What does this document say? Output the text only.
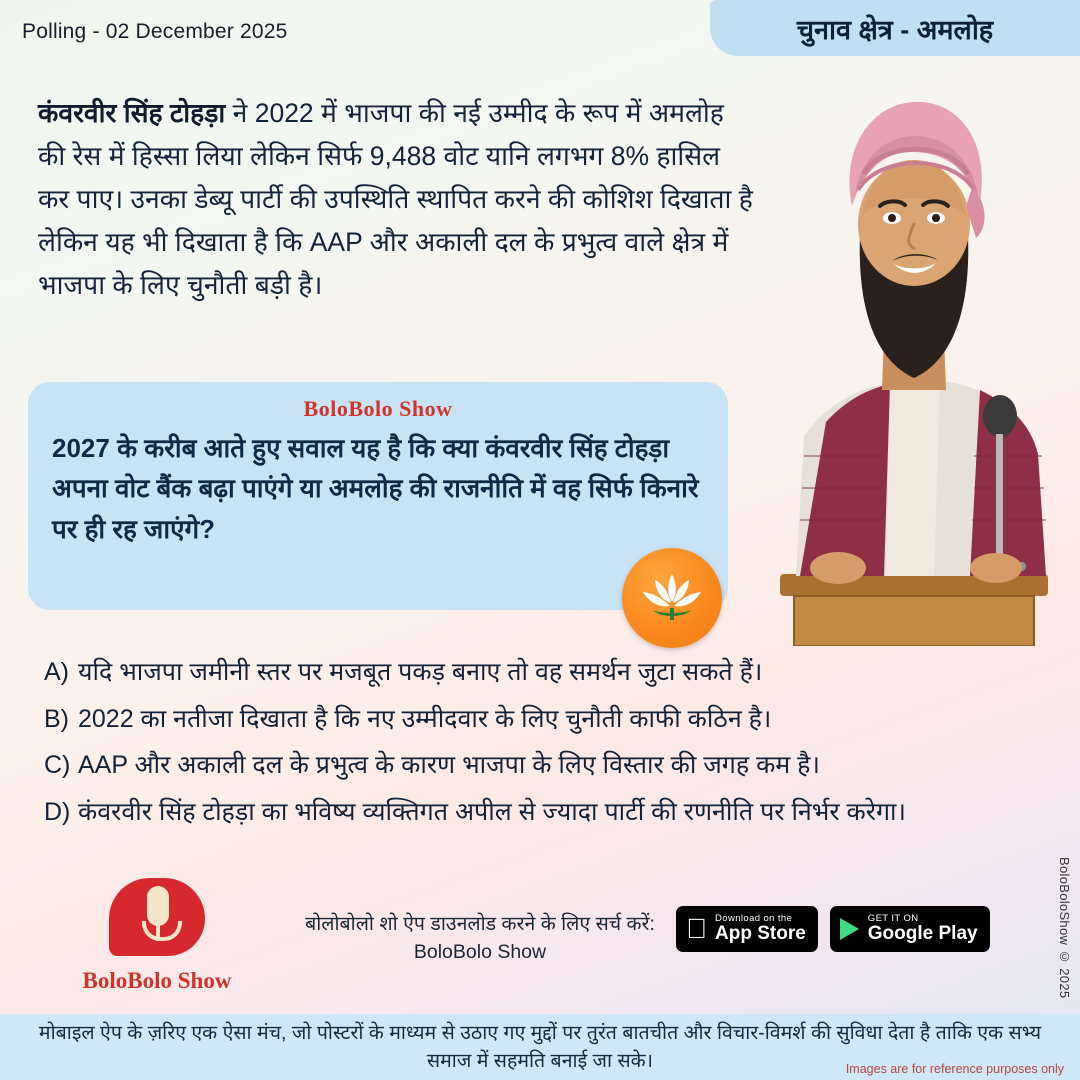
Polling - 02 December 2025	चुनाव क्षेत्र - अमलोह
कंवरवीर सिंह टोहड़ा ने 2022 में भाजपा की नई उम्मीद के रूप में अमलोह की रेस में हिस्सा लिया लेकिन सिर्फ 9,488 वोट यानि लगभग 8% हासिल कर पाए। उनका डेब्यू पार्टी की उपस्थिति स्थापित करने की कोशिश दिखाता है लेकिन यह भी दिखाता है कि AAP और अकाली दल के प्रभुत्व वाले क्षेत्र में भाजपा के लिए चुनौती बड़ी है।
BoloBolo Show
2027 के करीब आते हुए सवाल यह है कि क्या कंवरवीर सिंह टोहड़ा अपना वोट बैंक बढ़ा पाएंगे या अमलोह की राजनीति में वह सिर्फ किनारे पर ही रह जाएंगे?
A) यदि भाजपा जमीनी स्तर पर मजबूत पकड़ बनाए तो वह समर्थन जुटा सकते हैं।
B) 2022 का नतीजा दिखाता है कि नए उम्मीदवार के लिए चुनौती काफी कठिन है।
C) AAP और अकाली दल के प्रभुत्व के कारण भाजपा के लिए विस्तार की जगह कम है।
D) कंवरवीर सिंह टोहड़ा का भविष्य व्यक्तिगत अपील से ज्यादा पार्टी की रणनीति पर निर्भर करेगा।
BoloBolo Show
बोलोबोलो शो ऐप डाउनलोड करने के लिए सर्च करें:
BoloBolo Show
Download on the
App Store
GET IT ON
Google Play	BoloBoloShow © 2025
मोबाइल ऐप के ज़रिए एक ऐसा मंच, जो पोस्टरों के माध्यम से उठाए गए मुद्दों पर तुरंत बातचीत और विचार-विमर्श की सुविधा देता है ताकि एक सभ्य समाज में सहमति बनाई जा सके।	Images are for reference purposes only
